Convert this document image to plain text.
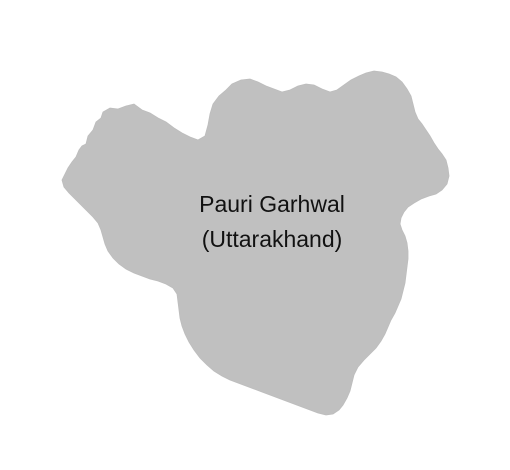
Pauri Garhwal
(Uttarakhand)
